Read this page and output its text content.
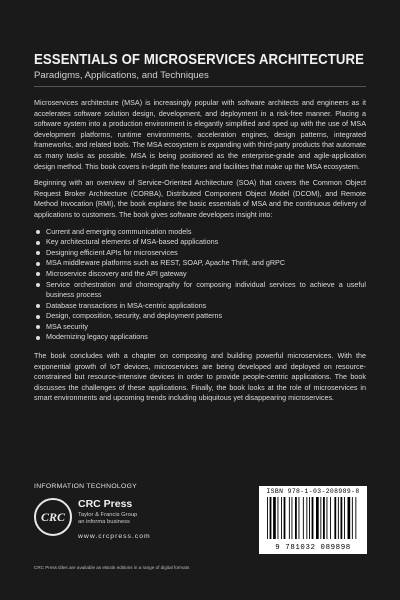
ESSENTIALS OF MICROSERVICES ARCHITECTURE
Paradigms, Applications, and Techniques

Microservices architecture (MSA) is increasingly popular with software architects and engineers as it accelerates software solution design, development, and deployment in a risk-free manner. Placing a software system into a production environment is elegantly simplified and sped up with the use of MSA development platforms, runtime environments, acceleration engines, design patterns, integrated frameworks, and related tools. The MSA ecosystem is expanding with third-party products that automate as many tasks as possible. MSA is being positioned as the enterprise-grade and agile-application design method. This book covers in-depth the features and facilities that make up the MSA ecosystem.

Beginning with an overview of Service-Oriented Architecture (SOA) that covers the Common Object Request Broker Architecture (CORBA), Distributed Component Object Model (DCOM), and Remote Method Invocation (RMI), the book explains the basic essentials of MSA and the continuous delivery of applications to customers. The book gives software developers insight into:

Current and emerging communication models
Key architectural elements of MSA-based applications
Designing efficient APIs for microservices
MSA middleware platforms such as REST, SOAP, Apache Thrift, and gRPC
Microservice discovery and the API gateway
Service orchestration and choreography for composing individual services to achieve a useful business process
Database transactions in MSA-centric applications
Design, composition, security, and deployment patterns
MSA security
Modernizing legacy applications

The book concludes with a chapter on composing and building powerful microservices. With the exponential growth of IoT devices, microservices are being developed and deployed on resource-constrained but resource-intensive devices in order to provide people-centric applications. The book discusses the challenges of these applications. Finally, the book looks at the role of microservices in smart environments and upcoming trends including ubiquitous yet disappearing microservices.

INFORMATION TECHNOLOGY
CRC
CRC Press
Taylor & Francis Group
an informa business
www.crcpress.com
CRC Press titles are available as eBook editions in a range of digital formats
ISBN 978-1-03-208989-8
9 781032 089898
